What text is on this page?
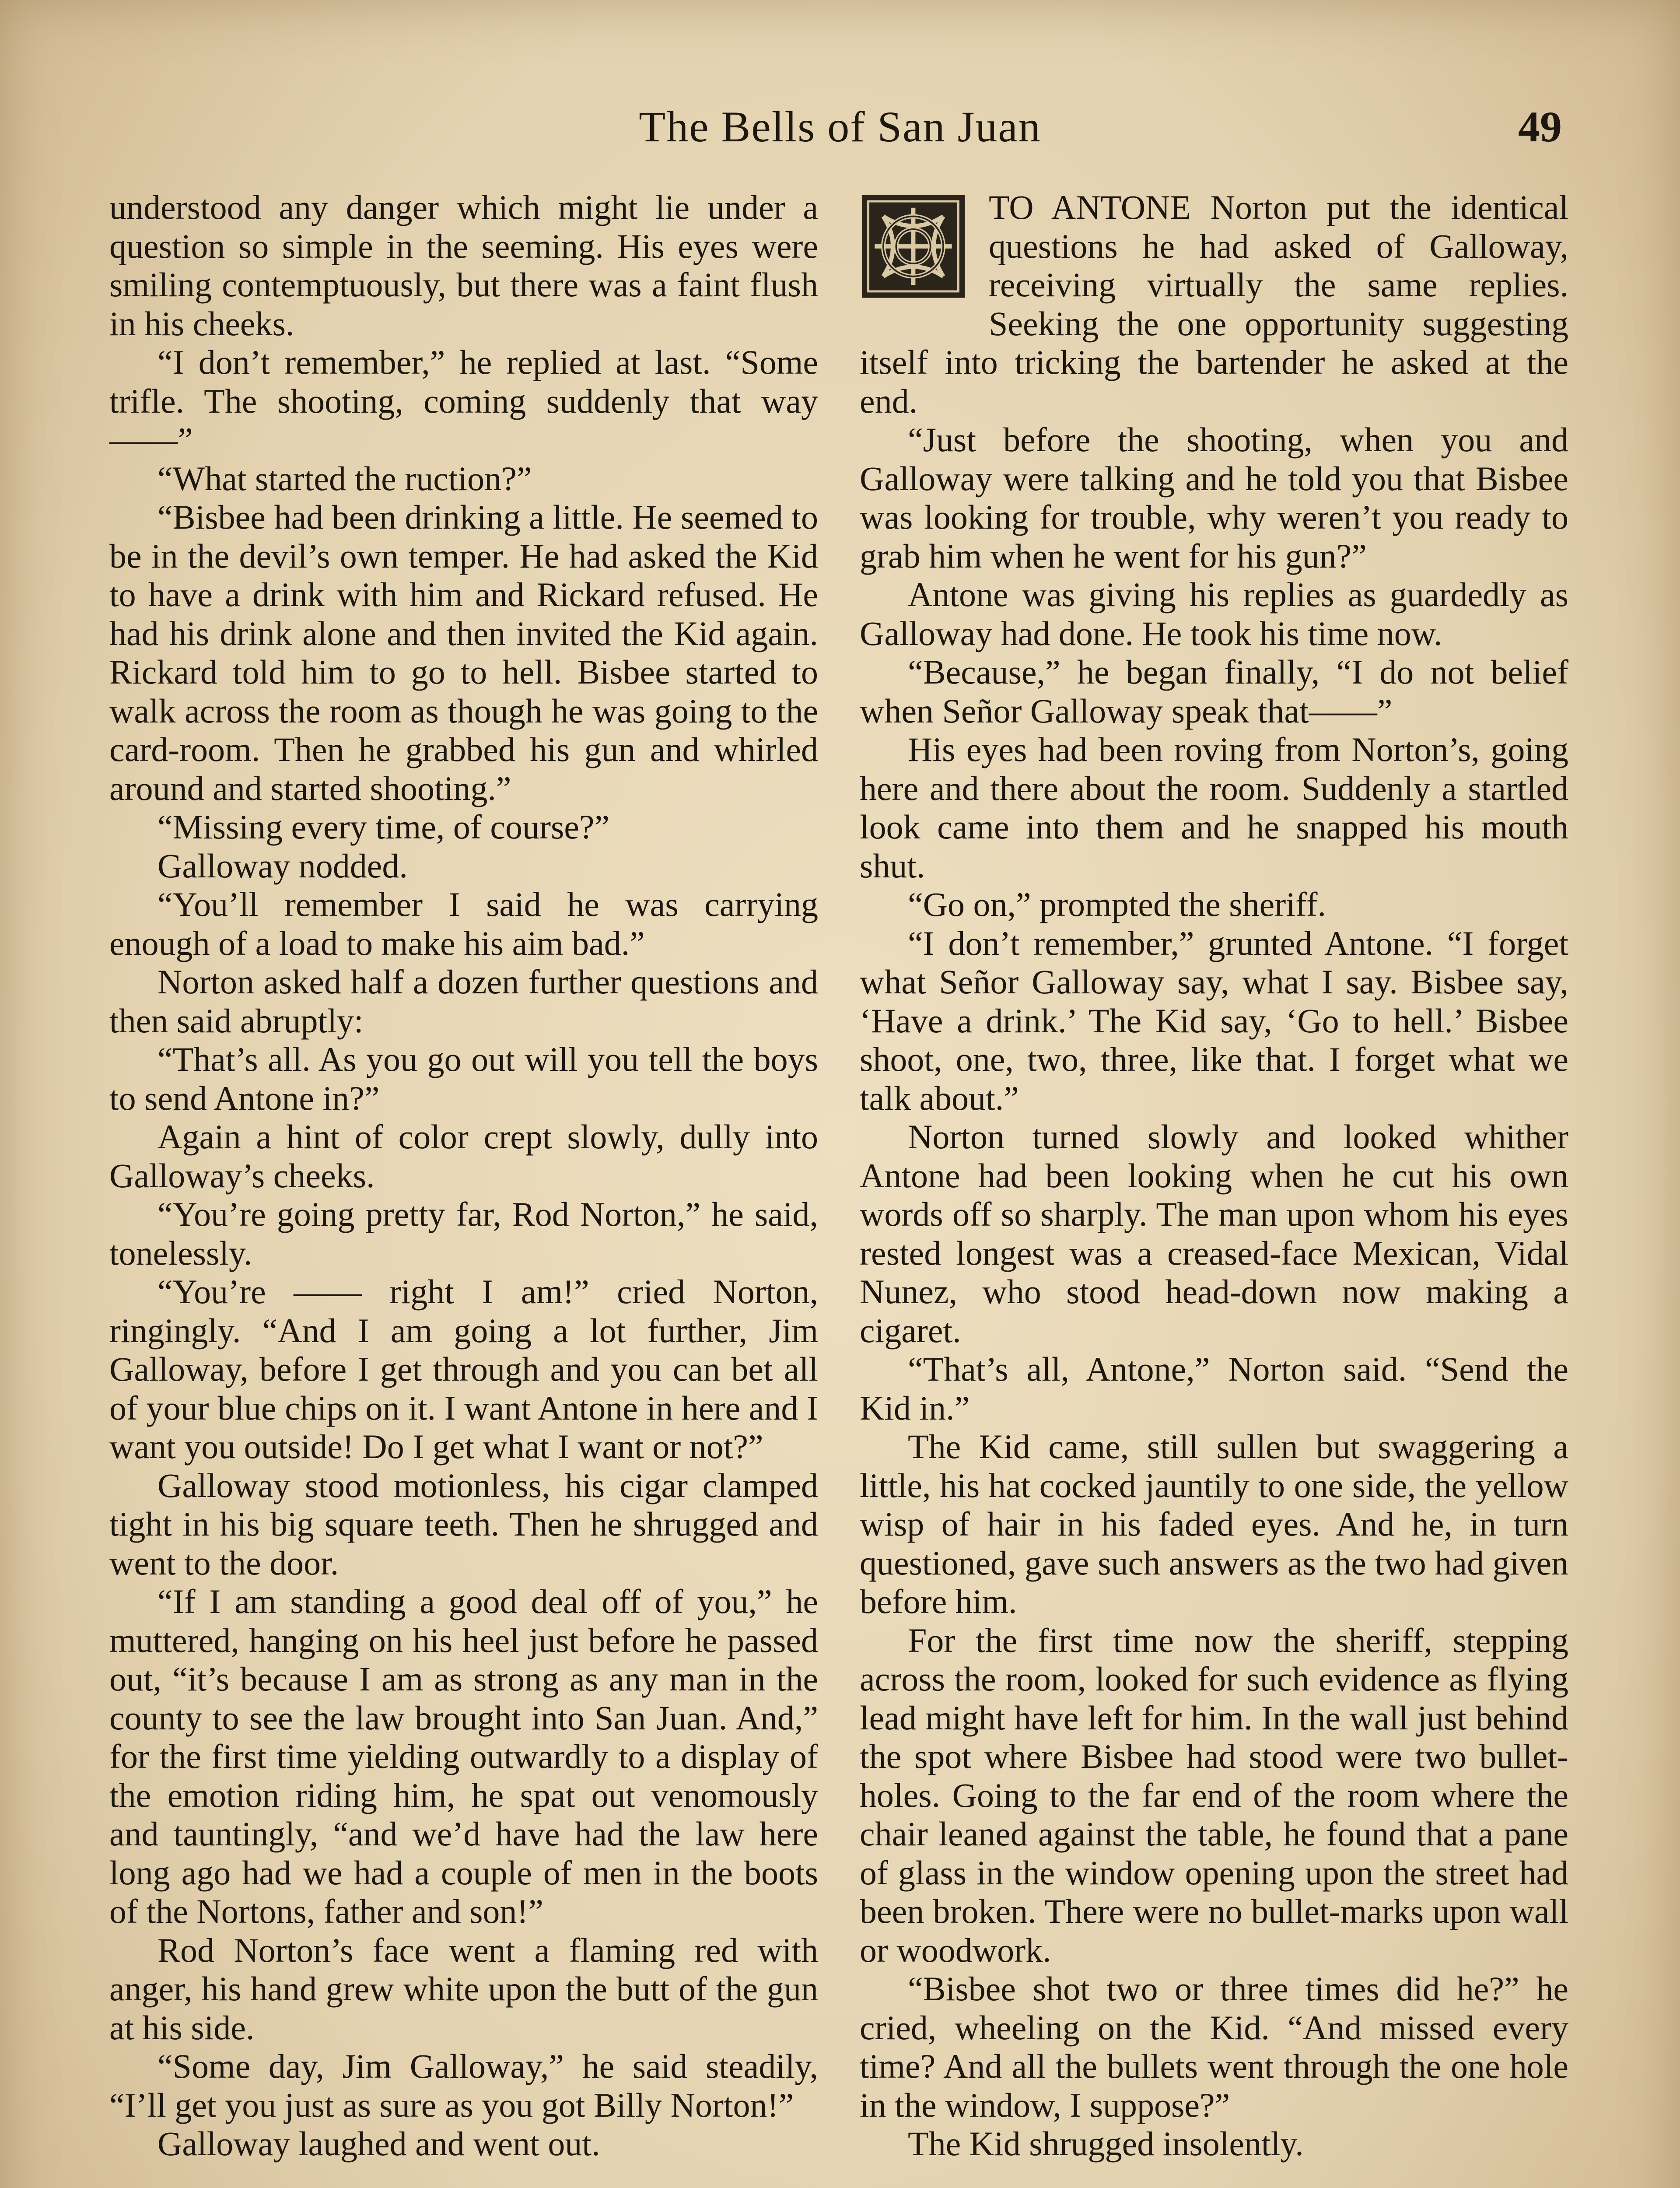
The Bells of San Juan	49

understood any danger which might lie under a question so simple in the seeming. His eyes were smiling contemptuously, but there was a faint flush in his cheeks.

“I don’t remember,” he replied at last. “Some trifle. The shooting, coming suddenly that way——”

“What started the ruction?”

“Bisbee had been drinking a little. He seemed to be in the devil’s own temper. He had asked the Kid to have a drink with him and Rickard refused. He had his drink alone and then invited the Kid again. Rickard told him to go to hell. Bisbee started to walk across the room as though he was going to the card-room. Then he grabbed his gun and whirled around and started shooting.”

“Missing every time, of course?”

Galloway nodded.

“You’ll remember I said he was carrying enough of a load to make his aim bad.”

Norton asked half a dozen further questions and then said abruptly:

“That’s all. As you go out will you tell the boys to send Antone in?”

Again a hint of color crept slowly, dully into Galloway’s cheeks.

“You’re going pretty far, Rod Norton,” he said, tonelessly.

“You’re —— right I am!” cried Norton, ringingly. “And I am going a lot further, Jim Galloway, before I get through and you can bet all of your blue chips on it. I want Antone in here and I want you outside! Do I get what I want or not?”

Galloway stood motionless, his cigar clamped tight in his big square teeth. Then he shrugged and went to the door.

“If I am standing a good deal off of you,” he muttered, hanging on his heel just before he passed out, “it’s because I am as strong as any man in the county to see the law brought into San Juan. And,” for the first time yielding outwardly to a display of the emotion riding him, he spat out venomously and tauntingly, “and we’d have had the law here long ago had we had a couple of men in the boots of the Nortons, father and son!”

Rod Norton’s face went a flaming red with anger, his hand grew white upon the butt of the gun at his side.

“Some day, Jim Galloway,” he said steadily, “I’ll get you just as sure as you got Billy Norton!”

Galloway laughed and went out.

TO ANTONE Norton put the identical questions he had asked of Galloway, receiving virtually the same replies. Seeking the one opportunity suggesting itself into tricking the bartender he asked at the end.

“Just before the shooting, when you and Galloway were talking and he told you that Bisbee was looking for trouble, why weren’t you ready to grab him when he went for his gun?”

Antone was giving his replies as guardedly as Galloway had done. He took his time now.

“Because,” he began finally, “I do not belief when Señor Galloway speak that——”

His eyes had been roving from Norton’s, going here and there about the room. Suddenly a startled look came into them and he snapped his mouth shut.

“Go on,” prompted the sheriff.

“I don’t remember,” grunted Antone. “I forget what Señor Galloway say, what I say. Bisbee say, ‘Have a drink.’ The Kid say, ‘Go to hell.’ Bisbee shoot, one, two, three, like that. I forget what we talk about.”

Norton turned slowly and looked whither Antone had been looking when he cut his own words off so sharply. The man upon whom his eyes rested longest was a creased-face Mexican, Vidal Nunez, who stood head-down now making a cigaret.

“That’s all, Antone,” Norton said. “Send the Kid in.”

The Kid came, still sullen but swaggering a little, his hat cocked jauntily to one side, the yellow wisp of hair in his faded eyes. And he, in turn questioned, gave such answers as the two had given before him.

For the first time now the sheriff, stepping across the room, looked for such evidence as flying lead might have left for him. In the wall just behind the spot where Bisbee had stood were two bullet-holes. Going to the far end of the room where the chair leaned against the table, he found that a pane of glass in the window opening upon the street had been broken. There were no bullet-marks upon wall or woodwork.

“Bisbee shot two or three times did he?” he cried, wheeling on the Kid. “And missed every time? And all the bullets went through the one hole in the window, I suppose?”

The Kid shrugged insolently.
